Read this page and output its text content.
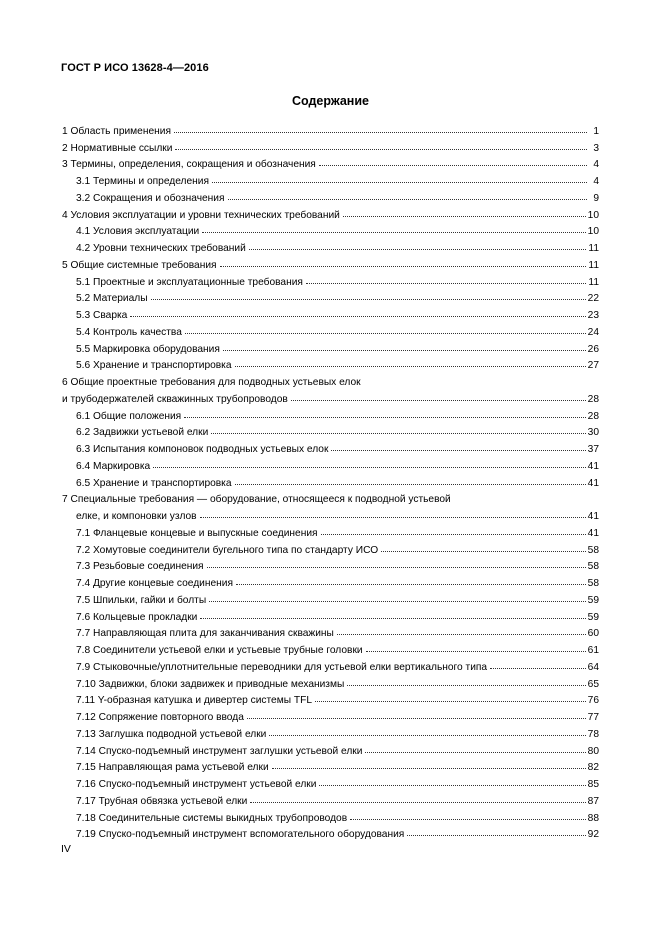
ГОСТ Р ИСО 13628-4—2016
Содержание
1 Область применения	1
2 Нормативные ссылки	3
3 Термины, определения, сокращения и обозначения	4
3.1 Термины и определения	4
3.2 Сокращения и обозначения	9
4 Условия эксплуатации и уровни технических требований	10
4.1 Условия эксплуатации	10
4.2 Уровни технических требований	11
5 Общие системные требования	11
5.1 Проектные и эксплуатационные требования	11
5.2 Материалы	22
5.3 Сварка	23
5.4 Контроль качества	24
5.5 Маркировка оборудования	26
5.6 Хранение и транспортировка	27
6 Общие проектные требования для подводных устьевых елок
и трубодержателей скважинных трубопроводов	28
6.1 Общие положения	28
6.2 Задвижки устьевой елки	30
6.3 Испытания компоновок подводных устьевых елок	37
6.4 Маркировка	41
6.5 Хранение и транспортировка	41
7 Специальные требования — оборудование, относящееся к подводной устьевой
елке, и компоновки узлов	41
7.1 Фланцевые концевые и выпускные соединения	41
7.2 Хомутовые соединители бугельного типа по стандарту ИСО	58
7.3 Резьбовые соединения	58
7.4 Другие концевые соединения	58
7.5 Шпильки, гайки и болты	59
7.6 Кольцевые прокладки	59
7.7 Направляющая плита для заканчивания скважины	60
7.8 Соединители устьевой елки и устьевые трубные головки	61
7.9 Стыковочные/уплотнительные переводники для устьевой елки вертикального типа	64
7.10 Задвижки, блоки задвижек и приводные механизмы	65
7.11 Y-образная катушка и дивертер системы TFL	76
7.12 Сопряжение повторного ввода	77
7.13 Заглушка подводной устьевой елки	78
7.14 Спуско-подъемный инструмент заглушки устьевой елки	80
7.15 Направляющая рама устьевой елки	82
7.16 Спуско-подъемный инструмент устьевой елки	85
7.17 Трубная обвязка устьевой елки	87
7.18 Соединительные системы выкидных трубопроводов	88
7.19 Спуско-подъемный инструмент вспомогательного оборудования	92
IV
